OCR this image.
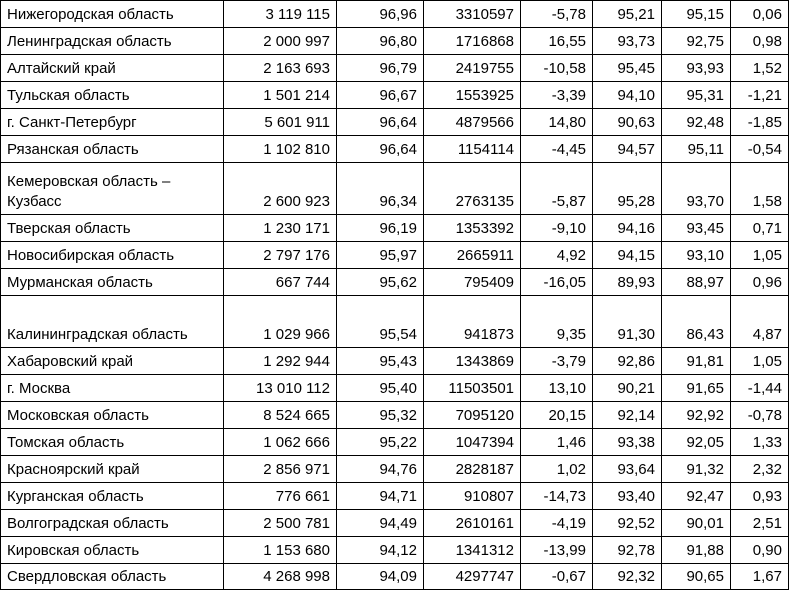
Нижегородская область	3 119 115	96,96	3310597	-5,78	95,21	95,15	0,06
Ленинградская область	2 000 997	96,80	1716868	16,55	93,73	92,75	0,98
Алтайский край	2 163 693	96,79	2419755	-10,58	95,45	93,93	1,52
Тульская область	1 501 214	96,67	1553925	-3,39	94,10	95,31	-1,21
г. Санкт-Петербург	5 601 911	96,64	4879566	14,80	90,63	92,48	-1,85
Рязанская область	1 102 810	96,64	1154114	-4,45	94,57	95,11	-0,54
Кемеровская область – Кузбасс	2 600 923	96,34	2763135	-5,87	95,28	93,70	1,58
Тверская область	1 230 171	96,19	1353392	-9,10	94,16	93,45	0,71
Новосибирская область	2 797 176	95,97	2665911	4,92	94,15	93,10	1,05
Мурманская область	667 744	95,62	795409	-16,05	89,93	88,97	0,96
Калининградская область	1 029 966	95,54	941873	9,35	91,30	86,43	4,87
Хабаровский край	1 292 944	95,43	1343869	-3,79	92,86	91,81	1,05
г. Москва	13 010 112	95,40	11503501	13,10	90,21	91,65	-1,44
Московская область	8 524 665	95,32	7095120	20,15	92,14	92,92	-0,78
Томская область	1 062 666	95,22	1047394	1,46	93,38	92,05	1,33
Красноярский край	2 856 971	94,76	2828187	1,02	93,64	91,32	2,32
Курганская область	776 661	94,71	910807	-14,73	93,40	92,47	0,93
Волгоградская область	2 500 781	94,49	2610161	-4,19	92,52	90,01	2,51
Кировская область	1 153 680	94,12	1341312	-13,99	92,78	91,88	0,90
Свердловская область	4 268 998	94,09	4297747	-0,67	92,32	90,65	1,67
